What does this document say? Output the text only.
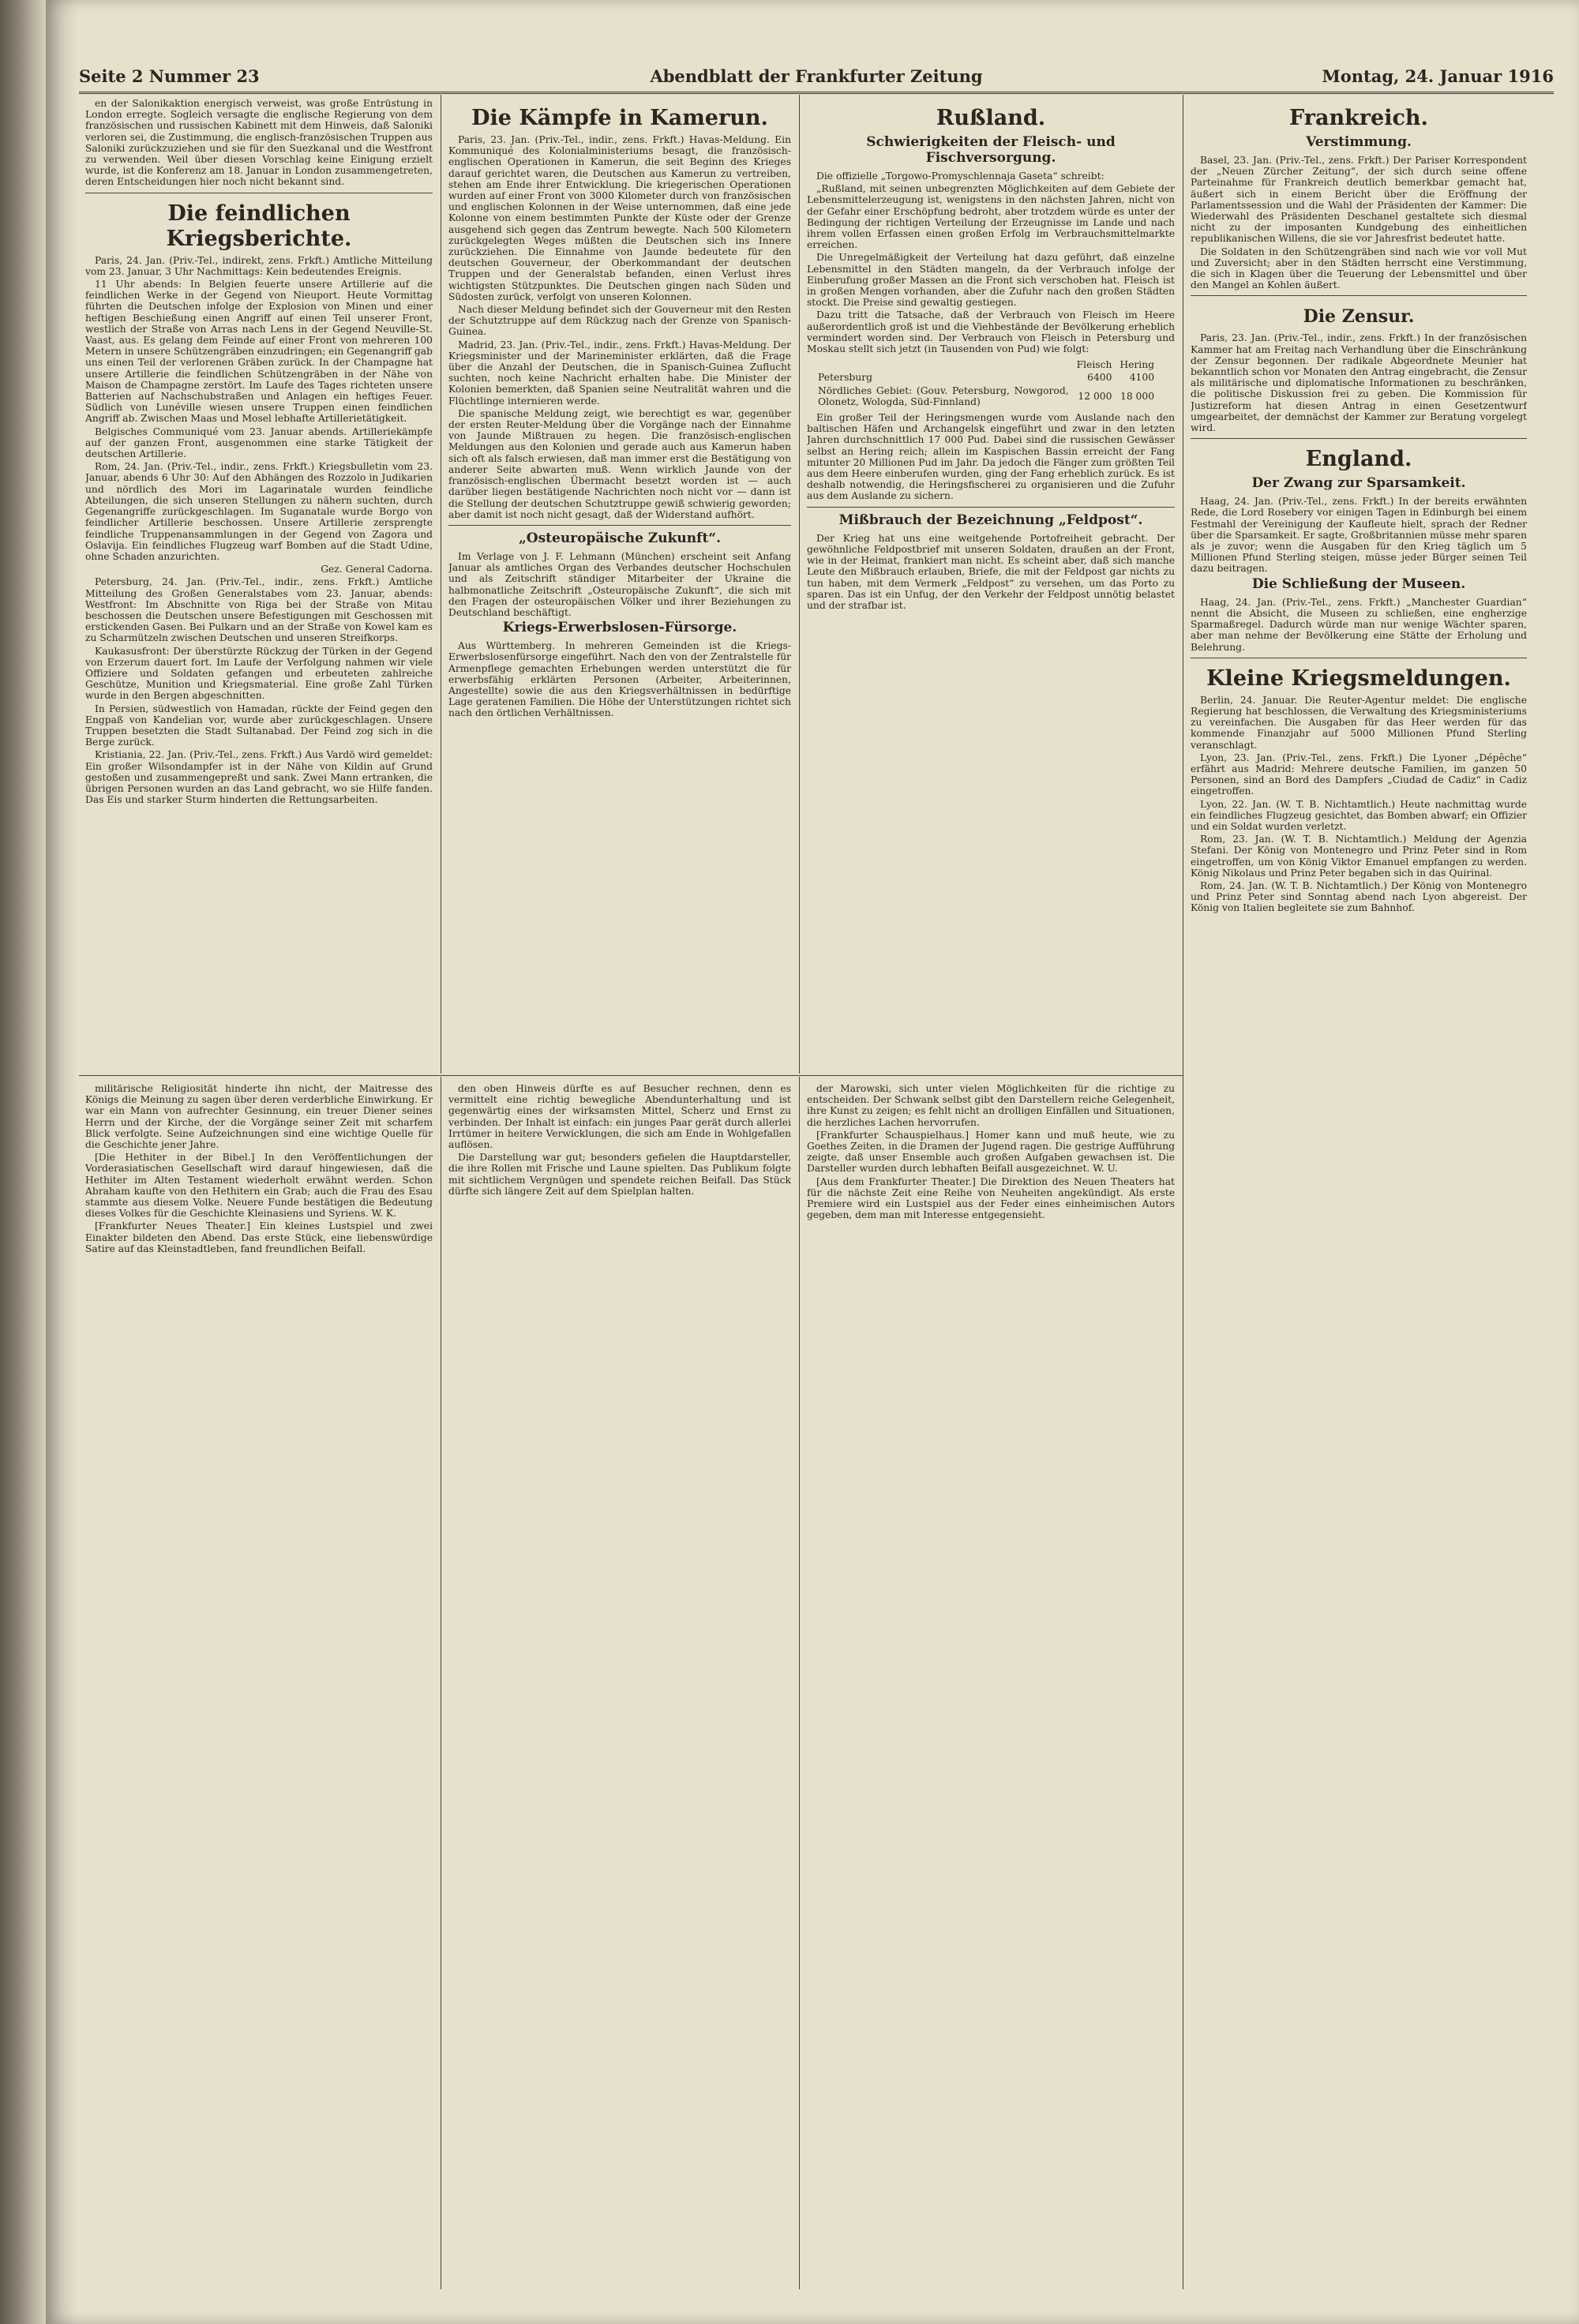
Seite 2 Nummer 23	Abendblatt der Frankfurter Zeitung	Montag, 24. Januar 1916

en der Salonikaktion energisch verweist, was große Entrüstung in London erregte. Sogleich versagte die englische Regierung von dem französischen und russischen Kabinett mit dem Hinweis, daß Saloniki verloren sei, die Zustimmung, die englisch-französischen Truppen aus Saloniki zurückzuziehen und sie für den Suezkanal und die Westfront zu verwenden. Weil über diesen Vorschlag keine Einigung erzielt wurde, ist die Konferenz am 18. Januar in London zusammengetreten, deren Entscheidungen hier noch nicht bekannt sind.

Die feindlichen Kriegsberichte.

Paris, 24. Jan. (Priv.-Tel., indirekt, zens. Frkft.) Amtliche Mitteilung vom 23. Januar, 3 Uhr Nachmittags: Kein bedeutendes Ereignis.

11 Uhr abends: In Belgien feuerte unsere Artillerie auf die feindlichen Werke in der Gegend von Nieuport. Heute Vormittag führten die Deutschen infolge der Explosion von Minen und einer heftigen Beschießung einen Angriff auf einen Teil unserer Front, westlich der Straße von Arras nach Lens in der Gegend Neuville-St. Vaast, aus. Es gelang dem Feinde auf einer Front von mehreren 100 Metern in unsere Schützengräben einzudringen; ein Gegenangriff gab uns einen Teil der verlorenen Gräben zurück. In der Champagne hat unsere Artillerie die feindlichen Schützengräben in der Nähe von Maison de Champagne zerstört. Im Laufe des Tages richteten unsere Batterien auf Nachschubstraßen und Anlagen ein heftiges Feuer. Südlich von Lunéville wiesen unsere Truppen einen feindlichen Angriff ab. Zwischen Maas und Mosel lebhafte Artillerietätigkeit.

Belgisches Communiqué vom 23. Januar abends. Artilleriekämpfe auf der ganzen Front, ausgenommen eine starke Tätigkeit der deutschen Artillerie.

Rom, 24. Jan. (Priv.-Tel., indir., zens. Frkft.) Kriegsbulletin vom 23. Januar, abends 6 Uhr 30: Auf den Abhängen des Rozzolo in Judikarien und nördlich des Mori im Lagarinatale wurden feindliche Abteilungen, die sich unseren Stellungen zu nähern suchten, durch Gegenangriffe zurückgeschlagen. Im Suganatale wurde Borgo von feindlicher Artillerie beschossen. Unsere Artillerie zersprengte feindliche Truppenansammlungen in der Gegend von Zagora und Oslavija. Ein feindliches Flugzeug warf Bomben auf die Stadt Udine, ohne Schaden anzurichten.

Gez. General Cadorna.

Petersburg, 24. Jan. (Priv.-Tel., indir., zens. Frkft.) Amtliche Mitteilung des Großen Generalstabes vom 23. Januar, abends: Westfront: Im Abschnitte von Riga bei der Straße von Mitau beschossen die Deutschen unsere Befestigungen mit Geschossen mit erstickenden Gasen. Bei Pulkarn und an der Straße von Kowel kam es zu Scharmützeln zwischen Deutschen und unseren Streifkorps.

Kaukasusfront: Der überstürzte Rückzug der Türken in der Gegend von Erzerum dauert fort. Im Laufe der Verfolgung nahmen wir viele Offiziere und Soldaten gefangen und erbeuteten zahlreiche Geschütze, Munition und Kriegsmaterial. Eine große Zahl Türken wurde in den Bergen abgeschnitten.

In Persien, südwestlich von Hamadan, rückte der Feind gegen den Engpaß von Kandelian vor, wurde aber zurückgeschlagen. Unsere Truppen besetzten die Stadt Sultanabad. Der Feind zog sich in die Berge zurück.

Kristiania, 22. Jan. (Priv.-Tel., zens. Frkft.) Aus Vardö wird gemeldet: Ein großer Wilsondampfer ist in der Nähe von Kildin auf Grund gestoßen und zusammengepreßt und sank. Zwei Mann ertranken, die übrigen Personen wurden an das Land gebracht, wo sie Hilfe fanden. Das Eis und starker Sturm hinderten die Rettungsarbeiten.

Die Kämpfe in Kamerun.

Paris, 23. Jan. (Priv.-Tel., indir., zens. Frkft.) Havas-Meldung. Ein Kommuniqué des Kolonialministeriums besagt, die französisch-englischen Operationen in Kamerun, die seit Beginn des Krieges darauf gerichtet waren, die Deutschen aus Kamerun zu vertreiben, stehen am Ende ihrer Entwicklung. Die kriegerischen Operationen wurden auf einer Front von 3000 Kilometer durch von französischen und englischen Kolonnen in der Weise unternommen, daß eine jede Kolonne von einem bestimmten Punkte der Küste oder der Grenze ausgehend sich gegen das Zentrum bewegte. Nach 500 Kilometern zurückgelegten Weges müßten die Deutschen sich ins Innere zurückziehen. Die Einnahme von Jaunde bedeutete für den deutschen Gouverneur, der Oberkommandant der deutschen Truppen und der Generalstab befanden, einen Verlust ihres wichtigsten Stützpunktes. Die Deutschen gingen nach Süden und Südosten zurück, verfolgt von unseren Kolonnen.

Nach dieser Meldung befindet sich der Gouverneur mit den Resten der Schutztruppe auf dem Rückzug nach der Grenze von Spanisch-Guinea.

Madrid, 23. Jan. (Priv.-Tel., indir., zens. Frkft.) Havas-Meldung. Der Kriegsminister und der Marineminister erklärten, daß die Frage über die Anzahl der Deutschen, die in Spanisch-Guinea Zuflucht suchten, noch keine Nachricht erhalten habe. Die Minister der Kolonien bemerkten, daß Spanien seine Neutralität wahren und die Flüchtlinge internieren werde.

Die spanische Meldung zeigt, wie berechtigt es war, gegenüber der ersten Reuter-Meldung über die Vorgänge nach der Einnahme von Jaunde Mißtrauen zu hegen. Die französisch-englischen Meldungen aus den Kolonien und gerade auch aus Kamerun haben sich oft als falsch erwiesen, daß man immer erst die Bestätigung von anderer Seite abwarten muß. Wenn wirklich Jaunde von der französisch-englischen Übermacht besetzt worden ist — auch darüber liegen bestätigende Nachrichten noch nicht vor — dann ist die Stellung der deutschen Schutztruppe gewiß schwierig geworden; aber damit ist noch nicht gesagt, daß der Widerstand aufhört.

„Osteuropäische Zukunft“.

Im Verlage von J. F. Lehmann (München) erscheint seit Anfang Januar als amtliches Organ des Verbandes deutscher Hochschulen und als Zeitschrift ständiger Mitarbeiter der Ukraine die halbmonatliche Zeitschrift „Osteuropäische Zukunft“, die sich mit den Fragen der osteuropäischen Völker und ihrer Beziehungen zu Deutschland beschäftigt.

Kriegs-Erwerbslosen-Fürsorge.

Aus Württemberg. In mehreren Gemeinden ist die Kriegs-Erwerbslosenfürsorge eingeführt. Nach den von der Zentralstelle für Armenpflege gemachten Erhebungen werden unterstützt die für erwerbsfähig erklärten Personen (Arbeiter, Arbeiterinnen, Angestellte) sowie die aus den Kriegsverhältnissen in bedürftige Lage geratenen Familien. Die Höhe der Unterstützungen richtet sich nach den örtlichen Verhältnissen.

Rußland.
Schwierigkeiten der Fleisch- und Fischversorgung.

Die offizielle „Torgowo-Promyschlennaja Gaseta“ schreibt:

„Rußland, mit seinen unbegrenzten Möglichkeiten auf dem Gebiete der Lebensmittelerzeugung ist, wenigstens in den nächsten Jahren, nicht von der Gefahr einer Erschöpfung bedroht, aber trotzdem würde es unter der Bedingung der richtigen Verteilung der Erzeugnisse im Lande und nach ihrem vollen Erfassen einen großen Erfolg im Verbrauchsmittelmarkte erreichen.

Die Unregelmäßigkeit der Verteilung hat dazu geführt, daß einzelne Lebensmittel in den Städten mangeln, da der Verbrauch infolge der Einberufung großer Massen an die Front sich verschoben hat. Fleisch ist in großen Mengen vorhanden, aber die Zufuhr nach den großen Städten stockt. Die Preise sind gewaltig gestiegen.

Dazu tritt die Tatsache, daß der Verbrauch von Fleisch im Heere außerordentlich groß ist und die Viehbestände der Bevölkerung erheblich vermindert worden sind. Der Verbrauch von Fleisch in Petersburg und Moskau stellt sich jetzt (in Tausenden von Pud) wie folgt:

	Fleisch	Hering
Petersburg	6400	4100
Nördliches Gebiet: (Gouv. Petersburg, Nowgorod, Olonetz, Wologda, Süd-Finnland)	12 000	18 000

Ein großer Teil der Heringsmengen wurde vom Auslande nach den baltischen Häfen und Archangelsk eingeführt und zwar in den letzten Jahren durchschnittlich 17 000 Pud. Dabei sind die russischen Gewässer selbst an Hering reich; allein im Kaspischen Bassin erreicht der Fang mitunter 20 Millionen Pud im Jahr. Da jedoch die Fänger zum größten Teil aus dem Heere einberufen wurden, ging der Fang erheblich zurück. Es ist deshalb notwendig, die Heringsfischerei zu organisieren und die Zufuhr aus dem Auslande zu sichern.

Mißbrauch der Bezeichnung „Feldpost“.

Der Krieg hat uns eine weitgehende Portofreiheit gebracht. Der gewöhnliche Feldpostbrief mit unseren Soldaten, draußen an der Front, wie in der Heimat, frankiert man nicht. Es scheint aber, daß sich manche Leute den Mißbrauch erlauben, Briefe, die mit der Feldpost gar nichts zu tun haben, mit dem Vermerk „Feldpost“ zu versehen, um das Porto zu sparen. Das ist ein Unfug, der den Verkehr der Feldpost unnötig belastet und der strafbar ist.

Frankreich.
Verstimmung.

Basel, 23. Jan. (Priv.-Tel., zens. Frkft.) Der Pariser Korrespondent der „Neuen Zürcher Zeitung“, der sich durch seine offene Parteinahme für Frankreich deutlich bemerkbar gemacht hat, äußert sich in einem Bericht über die Eröffnung der Parlamentssession und die Wahl der Präsidenten der Kammer: Die Wiederwahl des Präsidenten Deschanel gestaltete sich diesmal nicht zu der imposanten Kundgebung des einheitlichen republikanischen Willens, die sie vor Jahresfrist bedeutet hatte.

Die Soldaten in den Schützengräben sind nach wie vor voll Mut und Zuversicht; aber in den Städten herrscht eine Verstimmung, die sich in Klagen über die Teuerung der Lebensmittel und über den Mangel an Kohlen äußert.

Die Zensur.

Paris, 23. Jan. (Priv.-Tel., indir., zens. Frkft.) In der französischen Kammer hat am Freitag nach Verhandlung über die Einschränkung der Zensur begonnen. Der radikale Abgeordnete Meunier hat bekanntlich schon vor Monaten den Antrag eingebracht, die Zensur als militärische und diplomatische Informationen zu beschränken, die politische Diskussion frei zu geben. Die Kommission für Justizreform hat diesen Antrag in einen Gesetzentwurf umgearbeitet, der demnächst der Kammer zur Beratung vorgelegt wird.

England.
Der Zwang zur Sparsamkeit.

Haag, 24. Jan. (Priv.-Tel., zens. Frkft.) In der bereits erwähnten Rede, die Lord Rosebery vor einigen Tagen in Edinburgh bei einem Festmahl der Vereinigung der Kaufleute hielt, sprach der Redner über die Sparsamkeit. Er sagte, Großbritannien müsse mehr sparen als je zuvor; wenn die Ausgaben für den Krieg täglich um 5 Millionen Pfund Sterling steigen, müsse jeder Bürger seinen Teil dazu beitragen.

Die Schließung der Museen.

Haag, 24. Jan. (Priv.-Tel., zens. Frkft.) „Manchester Guardian“ nennt die Absicht, die Museen zu schließen, eine engherzige Sparmaßregel. Dadurch würde man nur wenige Wächter sparen, aber man nehme der Bevölkerung eine Stätte der Erholung und Belehrung.

Kleine Kriegsmeldungen.

Berlin, 24. Januar. Die Reuter-Agentur meldet: Die englische Regierung hat beschlossen, die Verwaltung des Kriegsministeriums zu vereinfachen. Die Ausgaben für das Heer werden für das kommende Finanzjahr auf 5000 Millionen Pfund Sterling veranschlagt.

Lyon, 23. Jan. (Priv.-Tel., zens. Frkft.) Die Lyoner „Dépêche“ erfährt aus Madrid: Mehrere deutsche Familien, im ganzen 50 Personen, sind an Bord des Dampfers „Ciudad de Cadiz“ in Cadiz eingetroffen.

Lyon, 22. Jan. (W. T. B. Nichtamtlich.) Heute nachmittag wurde ein feindliches Flugzeug gesichtet, das Bomben abwarf; ein Offizier und ein Soldat wurden verletzt.

Rom, 23. Jan. (W. T. B. Nichtamtlich.) Meldung der Agenzia Stefani. Der König von Montenegro und Prinz Peter sind in Rom eingetroffen, um von König Viktor Emanuel empfangen zu werden. König Nikolaus und Prinz Peter begaben sich in das Quirinal.

Rom, 24. Jan. (W. T. B. Nichtamtlich.) Der König von Montenegro und Prinz Peter sind Sonntag abend nach Lyon abgereist. Der König von Italien begleitete sie zum Bahnhof.

militärische Religiosität hinderte ihn nicht, der Maitresse des Königs die Meinung zu sagen über deren verderbliche Einwirkung. Er war ein Mann von aufrechter Gesinnung, ein treuer Diener seines Herrn und der Kirche, der die Vorgänge seiner Zeit mit scharfem Blick verfolgte. Seine Aufzeichnungen sind eine wichtige Quelle für die Geschichte jener Jahre.

[Die Hethiter in der Bibel.] In den Veröffentlichungen der Vorderasiatischen Gesellschaft wird darauf hingewiesen, daß die Hethiter im Alten Testament wiederholt erwähnt werden. Schon Abraham kaufte von den Hethitern ein Grab; auch die Frau des Esau stammte aus diesem Volke. Neuere Funde bestätigen die Bedeutung dieses Volkes für die Geschichte Kleinasiens und Syriens. W. K.

[Frankfurter Neues Theater.] Ein kleines Lustspiel und zwei Einakter bildeten den Abend. Das erste Stück, eine liebenswürdige Satire auf das Kleinstadtleben, fand freundlichen Beifall.

den oben Hinweis dürfte es auf Besucher rechnen, denn es vermittelt eine richtig bewegliche Abendunterhaltung und ist gegenwärtig eines der wirksamsten Mittel, Scherz und Ernst zu verbinden. Der Inhalt ist einfach: ein junges Paar gerät durch allerlei Irrtümer in heitere Verwicklungen, die sich am Ende in Wohlgefallen auflösen.

Die Darstellung war gut; besonders gefielen die Hauptdarsteller, die ihre Rollen mit Frische und Laune spielten. Das Publikum folgte mit sichtlichem Vergnügen und spendete reichen Beifall. Das Stück dürfte sich längere Zeit auf dem Spielplan halten.

der Marowski, sich unter vielen Möglichkeiten für die richtige zu entscheiden. Der Schwank selbst gibt den Darstellern reiche Gelegenheit, ihre Kunst zu zeigen; es fehlt nicht an drolligen Einfällen und Situationen, die herzliches Lachen hervorrufen.

[Frankfurter Schauspielhaus.] Homer kann und muß heute, wie zu Goethes Zeiten, in die Dramen der Jugend ragen. Die gestrige Aufführung zeigte, daß unser Ensemble auch großen Aufgaben gewachsen ist. Die Darsteller wurden durch lebhaften Beifall ausgezeichnet. W. U.

[Aus dem Frankfurter Theater.] Die Direktion des Neuen Theaters hat für die nächste Zeit eine Reihe von Neuheiten angekündigt. Als erste Premiere wird ein Lustspiel aus der Feder eines einheimischen Autors gegeben, dem man mit Interesse entgegensieht.
